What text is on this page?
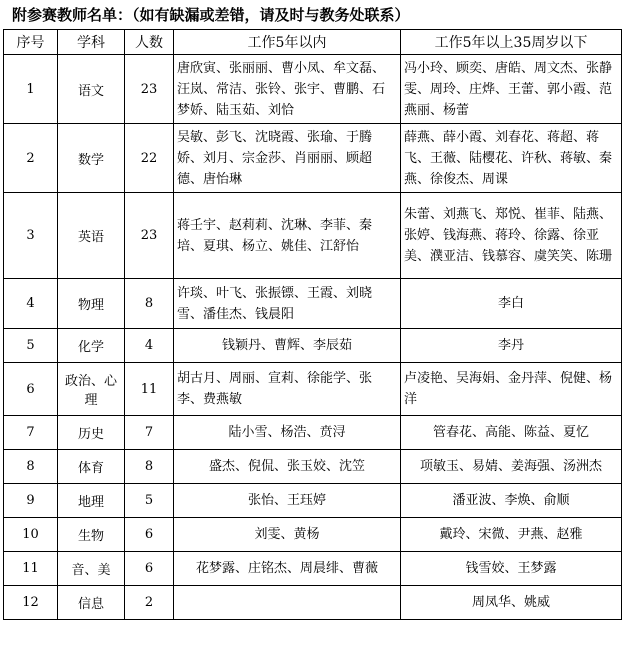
附参赛教师名单：（如有缺漏或差错，请及时与教务处联系）
序号	学科	人数	工作5年以内	工作5年以上35周岁以下
1	语文	23	唐欣寅、张丽丽、曹小凤、牟文磊、汪岚、常洁、张铃、张宇、曹鹏、石梦娇、陆玉茹、刘恰	冯小玲、顾奕、唐皓、周文杰、张静雯、周玲、庄烨、王蕾、郭小霞、范燕丽、杨蕾
2	数学	22	吴敏、彭飞、沈晓霞、张瑜、于腾娇、刘月、宗金莎、肖丽丽、顾超德、唐怡琳	薛燕、薛小霞、刘春花、蒋超、蒋飞、王薇、陆樱花、许秋、蒋敏、秦燕、徐俊杰、周课
3	英语	23	蒋壬宇、赵莉莉、沈琳、李菲、秦培、夏琪、杨立、姚佳、江舒怡	朱蕾、刘燕飞、郑悦、崔菲、陆燕、张婷、钱海燕、蒋玲、徐露、徐亚美、濮亚洁、钱慕容、虞笑笑、陈珊
4	物理	8	许琰、叶飞、张振镖、王霞、刘晓雪、潘佳杰、钱晨阳	李白
5	化学	4	钱颖丹、曹辉、李辰茹	李丹
6	政治、心理	11	胡古月、周丽、宣莉、徐能学、张李、费燕敏	卢凌艳、吴海娟、金丹萍、倪健、杨洋
7	历史	7	陆小雪、杨浩、贲浔	管春花、高能、陈益、夏忆
8	体育	8	盛杰、倪侃、张玉姣、沈笠	项敏玉、易婧、姜海强、汤洲杰
9	地理	5	张怡、王珏婷	潘亚波、李焕、俞顺
10	生物	6	刘雯、黄杨	戴玲、宋微、尹燕、赵雅
11	音、美	6	花梦露、庄铭杰、周晨绯、曹薇	钱雪姣、王梦露
12	信息	2		周凤华、姚威
